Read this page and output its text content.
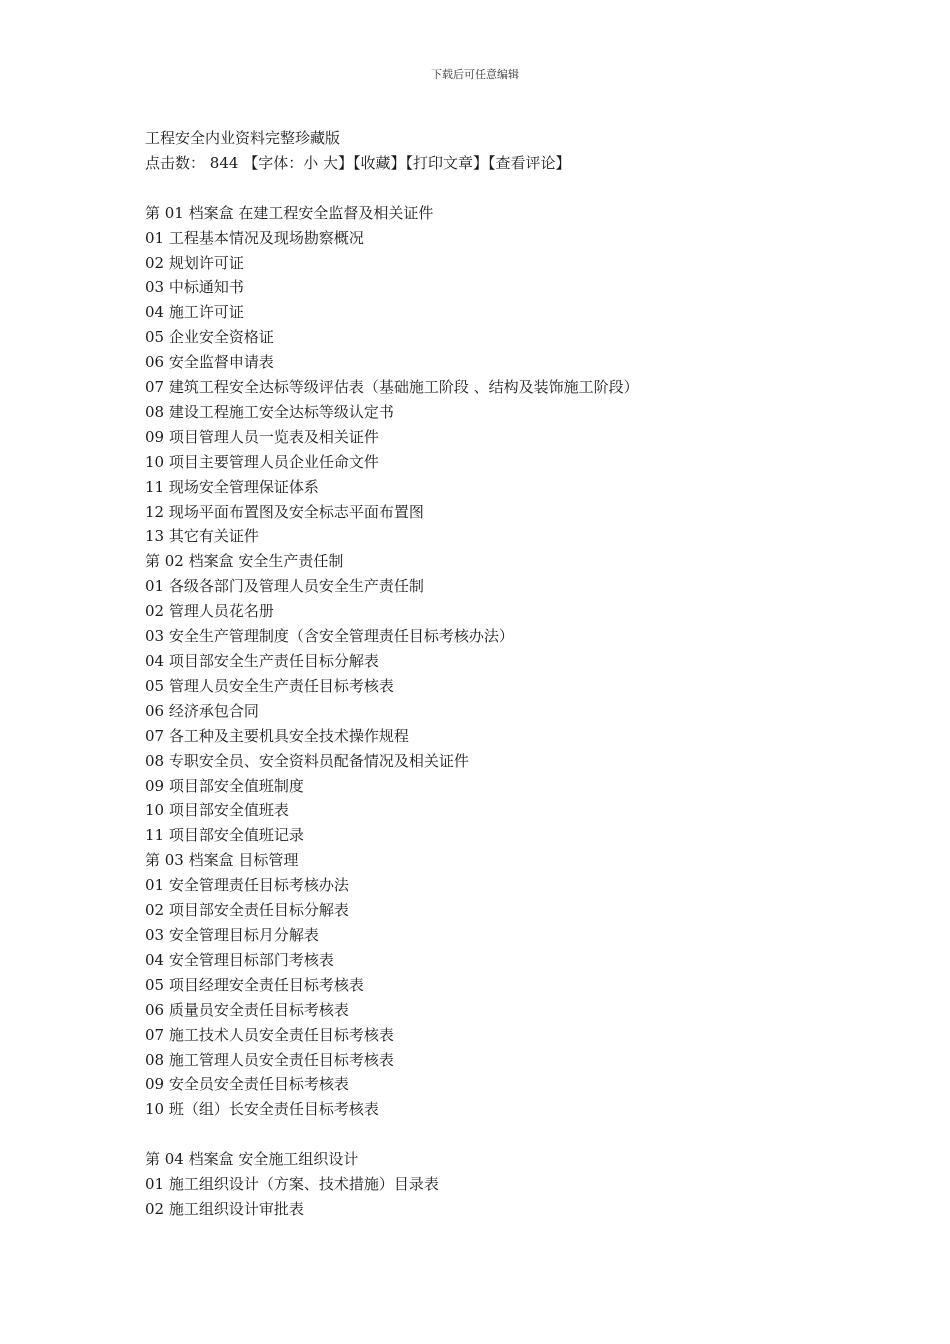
下载后可任意编辑
工程安全内业资料完整珍藏版
点击数： 844 【字体：小 大】【收藏】【打印文章】【查看评论】
第 01 档案盒 在建工程安全监督及相关证件
01 工程基本情况及现场勘察概况
02 规划许可证
03 中标通知书
04 施工许可证
05 企业安全资格证
06 安全监督申请表
07 建筑工程安全达标等级评估表（基础施工阶段 、结构及装饰施工阶段）
08 建设工程施工安全达标等级认定书
09 项目管理人员一览表及相关证件
10 项目主要管理人员企业任命文件
11 现场安全管理保证体系
12 现场平面布置图及安全标志平面布置图
13 其它有关证件
第 02 档案盒 安全生产责任制
01 各级各部门及管理人员安全生产责任制
02 管理人员花名册
03 安全生产管理制度（含安全管理责任目标考核办法）
04 项目部安全生产责任目标分解表
05 管理人员安全生产责任目标考核表
06 经济承包合同
07 各工种及主要机具安全技术操作规程
08 专职安全员、安全资料员配备情况及相关证件
09 项目部安全值班制度
10 项目部安全值班表
11 项目部安全值班记录
第 03 档案盒 目标管理
01 安全管理责任目标考核办法
02 项目部安全责任目标分解表
03 安全管理目标月分解表
04 安全管理目标部门考核表
05 项目经理安全责任目标考核表
06 质量员安全责任目标考核表
07 施工技术人员安全责任目标考核表
08 施工管理人员安全责任目标考核表
09 安全员安全责任目标考核表
10 班（组）长安全责任目标考核表
第 04 档案盒 安全施工组织设计
01 施工组织设计（方案、技术措施）目录表
02 施工组织设计审批表
